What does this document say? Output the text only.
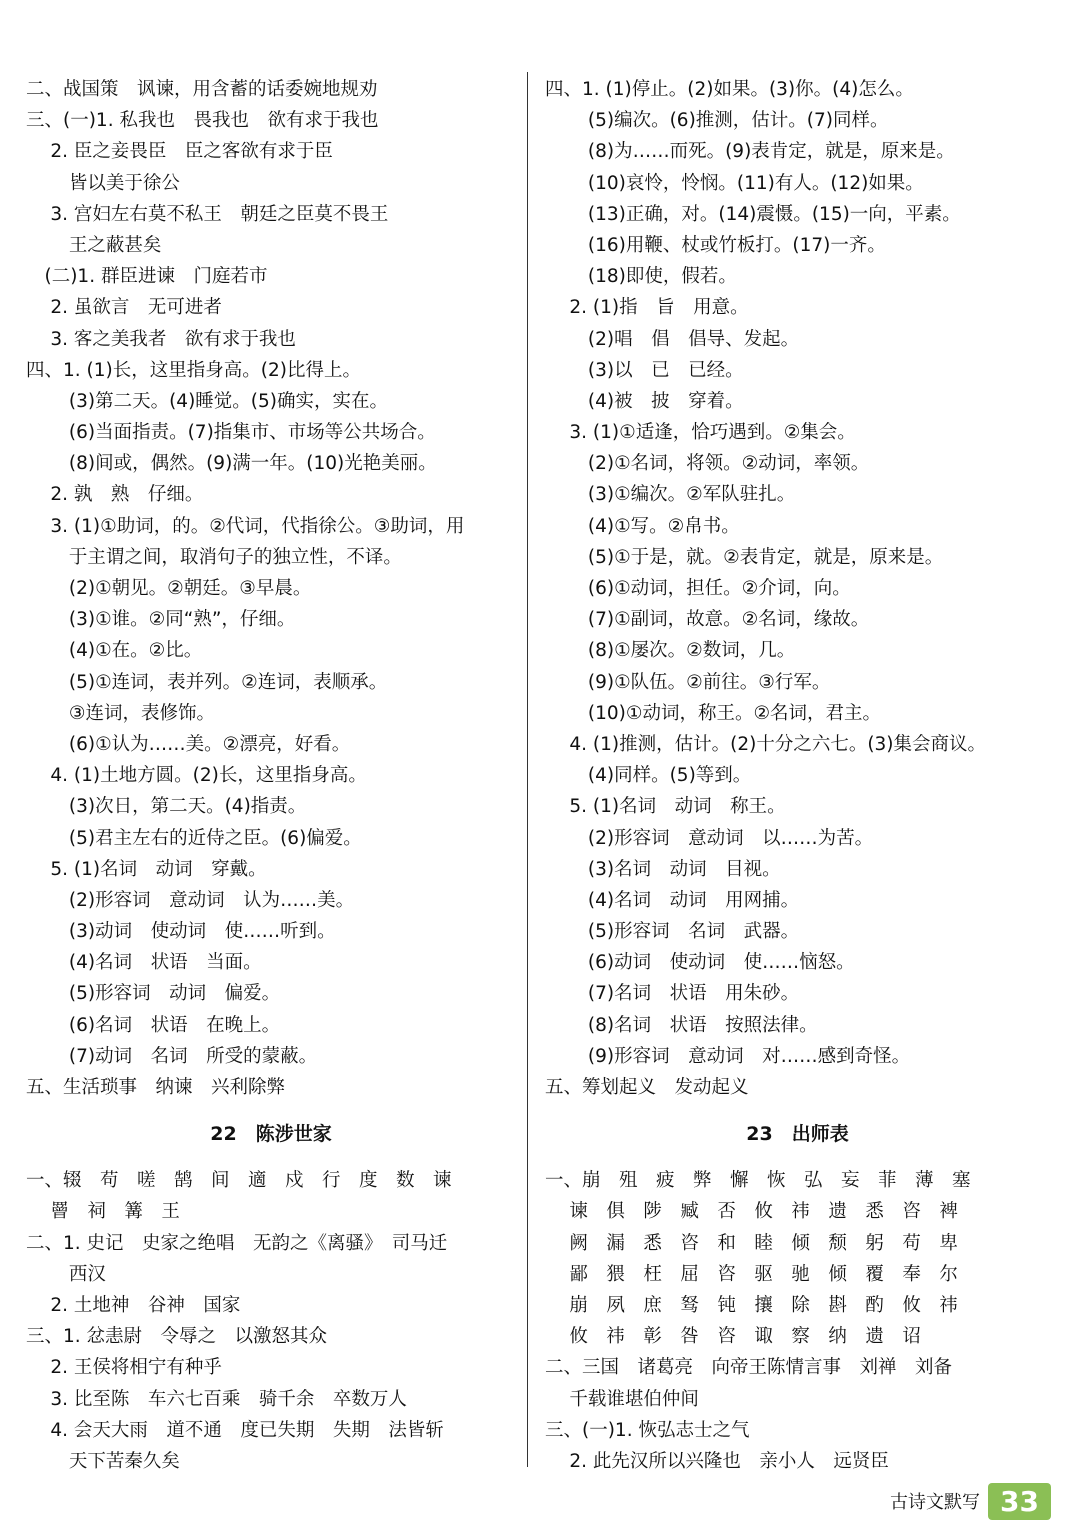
二、战国策　讽谏，用含蓄的话委婉地规劝
三、(一)1. 私我也　畏我也　欲有求于我也
　 2. 臣之妾畏臣　臣之客欲有求于臣
　　 皆以美于徐公
　 3. 宫妇左右莫不私王　朝廷之臣莫不畏王
　　 王之蔽甚矣
　(二)1. 群臣进谏　门庭若市
　 2. 虽欲言　无可进者
　 3. 客之美我者　欲有求于我也
四、1. (1)长，这里指身高。(2)比得上。
　　 (3)第二天。(4)睡觉。(5)确实，实在。
　　 (6)当面指责。(7)指集市、市场等公共场合。
　　 (8)间或，偶然。(9)满一年。(10)光艳美丽。
　 2. 孰　熟　仔细。
　 3. (1)①助词，的。②代词，代指徐公。③助词，用
　　 于主谓之间，取消句子的独立性，不译。
　　 (2)①朝见。②朝廷。③早晨。
　　 (3)①谁。②同“熟”，仔细。
　　 (4)①在。②比。
　　 (5)①连词，表并列。②连词，表顺承。
　　 ③连词，表修饰。
　　 (6)①认为……美。②漂亮，好看。
　 4. (1)土地方圆。(2)长，这里指身高。
　　 (3)次日，第二天。(4)指责。
　　 (5)君主左右的近侍之臣。(6)偏爱。
　 5. (1)名词　动词　穿戴。
　　 (2)形容词　意动词　认为……美。
　　 (3)动词　使动词　使……听到。
　　 (4)名词　状语　当面。
　　 (5)形容词　动词　偏爱。
　　 (6)名词　状语　在晚上。
　　 (7)动词　名词　所受的蒙蔽。
五、生活琐事　纳谏　兴利除弊
22　陈涉世家
一、辍　苟　嗟　鹄　间　適　戍　行　度　数　谏
　 罾　祠　篝　王
二、1. 史记　史家之绝唱　无韵之《离骚》　司马迁
　　 西汉
　 2. 土地神　谷神　国家
三、1. 忿恚尉　令辱之　以激怒其众
　 2. 王侯将相宁有种乎
　 3. 比至陈　车六七百乘　骑千余　卒数万人
　 4. 会天大雨　道不通　度已失期　失期　法皆斩
　　 天下苦秦久矣
四、1. (1)停止。(2)如果。(3)你。(4)怎么。
　　 (5)编次。(6)推测，估计。(7)同样。
　　 (8)为……而死。(9)表肯定，就是，原来是。
　　 (10)哀怜，怜悯。(11)有人。(12)如果。
　　 (13)正确，对。(14)震慑。(15)一向，平素。
　　 (16)用鞭、杖或竹板打。(17)一齐。
　　 (18)即使，假若。
　 2. (1)指　旨　用意。
　　 (2)唱　倡　倡导、发起。
　　 (3)以　已　已经。
　　 (4)被　披　穿着。
　 3. (1)①适逢，恰巧遇到。②集会。
　　 (2)①名词，将领。②动词，率领。
　　 (3)①编次。②军队驻扎。
　　 (4)①写。②帛书。
　　 (5)①于是，就。②表肯定，就是，原来是。
　　 (6)①动词，担任。②介词，向。
　　 (7)①副词，故意。②名词，缘故。
　　 (8)①屡次。②数词，几。
　　 (9)①队伍。②前往。③行军。
　　 (10)①动词，称王。②名词，君主。
　 4. (1)推测，估计。(2)十分之六七。(3)集会商议。
　　 (4)同样。(5)等到。
　 5. (1)名词　动词　称王。
　　 (2)形容词　意动词　以……为苦。
　　 (3)名词　动词　目视。
　　 (4)名词　动词　用网捕。
　　 (5)形容词　名词　武器。
　　 (6)动词　使动词　使……恼怒。
　　 (7)名词　状语　用朱砂。
　　 (8)名词　状语　按照法律。
　　 (9)形容词　意动词　对……感到奇怪。
五、筹划起义　发动起义
23　出师表
一、崩　殂　疲　弊　懈　恢　弘　妄　菲　薄　塞
　 谏　俱　陟　臧　否　攸　祎　遗　悉　咨　裨
　 阙　漏　悉　咨　和　睦　倾　颓　躬　苟　卑
　 鄙　猥　枉　屈　咨　驱　驰　倾　覆　奉　尔
　 崩　夙　庶　驽　钝　攘　除　斟　酌　攸　祎
　 攸　祎　彰　咎　咨　诹　察　纳　遗　诏
二、三国　诸葛亮　向帝王陈情言事　刘禅　刘备
　 千载谁堪伯仲间
三、(一)1. 恢弘志士之气
　 2. 此先汉所以兴隆也　亲小人　远贤臣
古诗文默写 33
